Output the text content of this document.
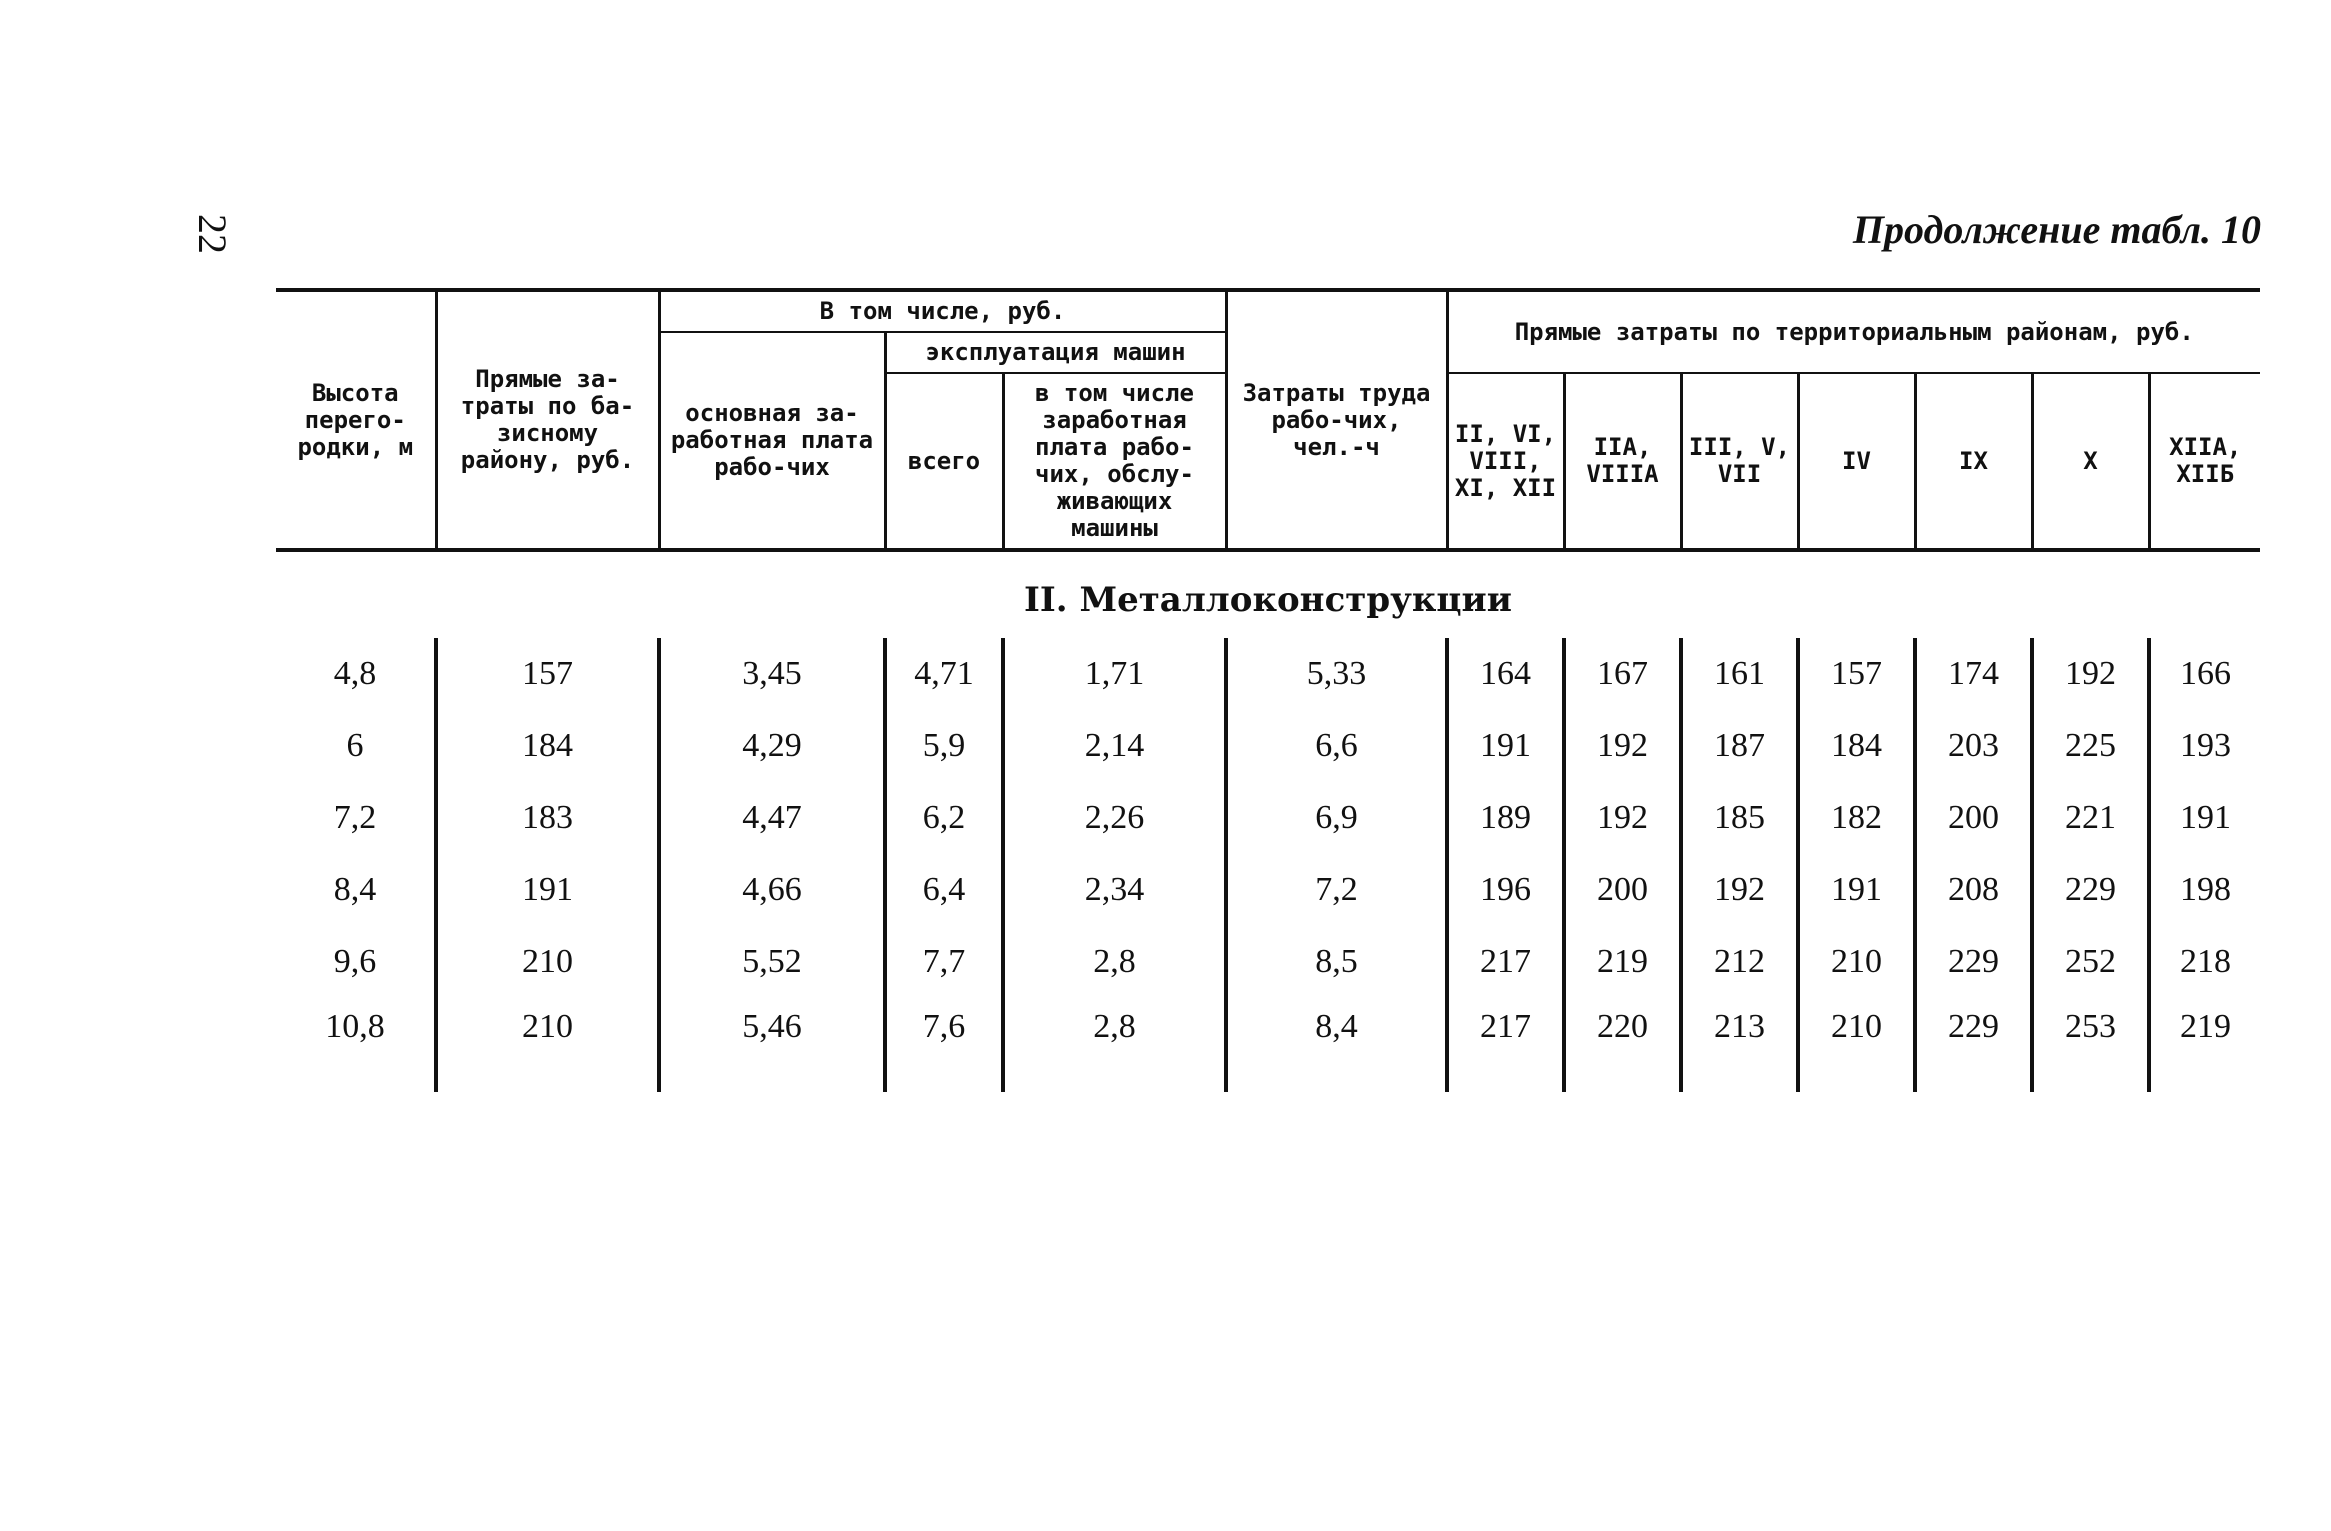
22	Продолжение табл. 10
Высота перего-родки, м	Прямые за-траты по ба-зисному району, руб.	В том числе, руб.			Затраты труда рабо-чих, чел.-ч	Прямые затраты по территориальным районам, руб.						
		основная за-работная плата рабо-чих	эксплуатация машин									
			всего	в том числе заработная плата рабо-чих, обслу-живающих машины		II, VI, VIII, XI, XII	IIA, VIIIA	III, V, VII	IV	IX	X	XIIA, XIIБ
II. Металлоконструкции												
4,8	157	3,45	4,71	1,71	5,33	164	167	161	157	174	192	166
6	184	4,29	5,9	2,14	6,6	191	192	187	184	203	225	193
7,2	183	4,47	6,2	2,26	6,9	189	192	185	182	200	221	191
8,4	191	4,66	6,4	2,34	7,2	196	200	192	191	208	229	198
9,6	210	5,52	7,7	2,8	8,5	217	219	212	210	229	252	218
10,8	210	5,46	7,6	2,8	8,4	217	220	213	210	229	253	219
